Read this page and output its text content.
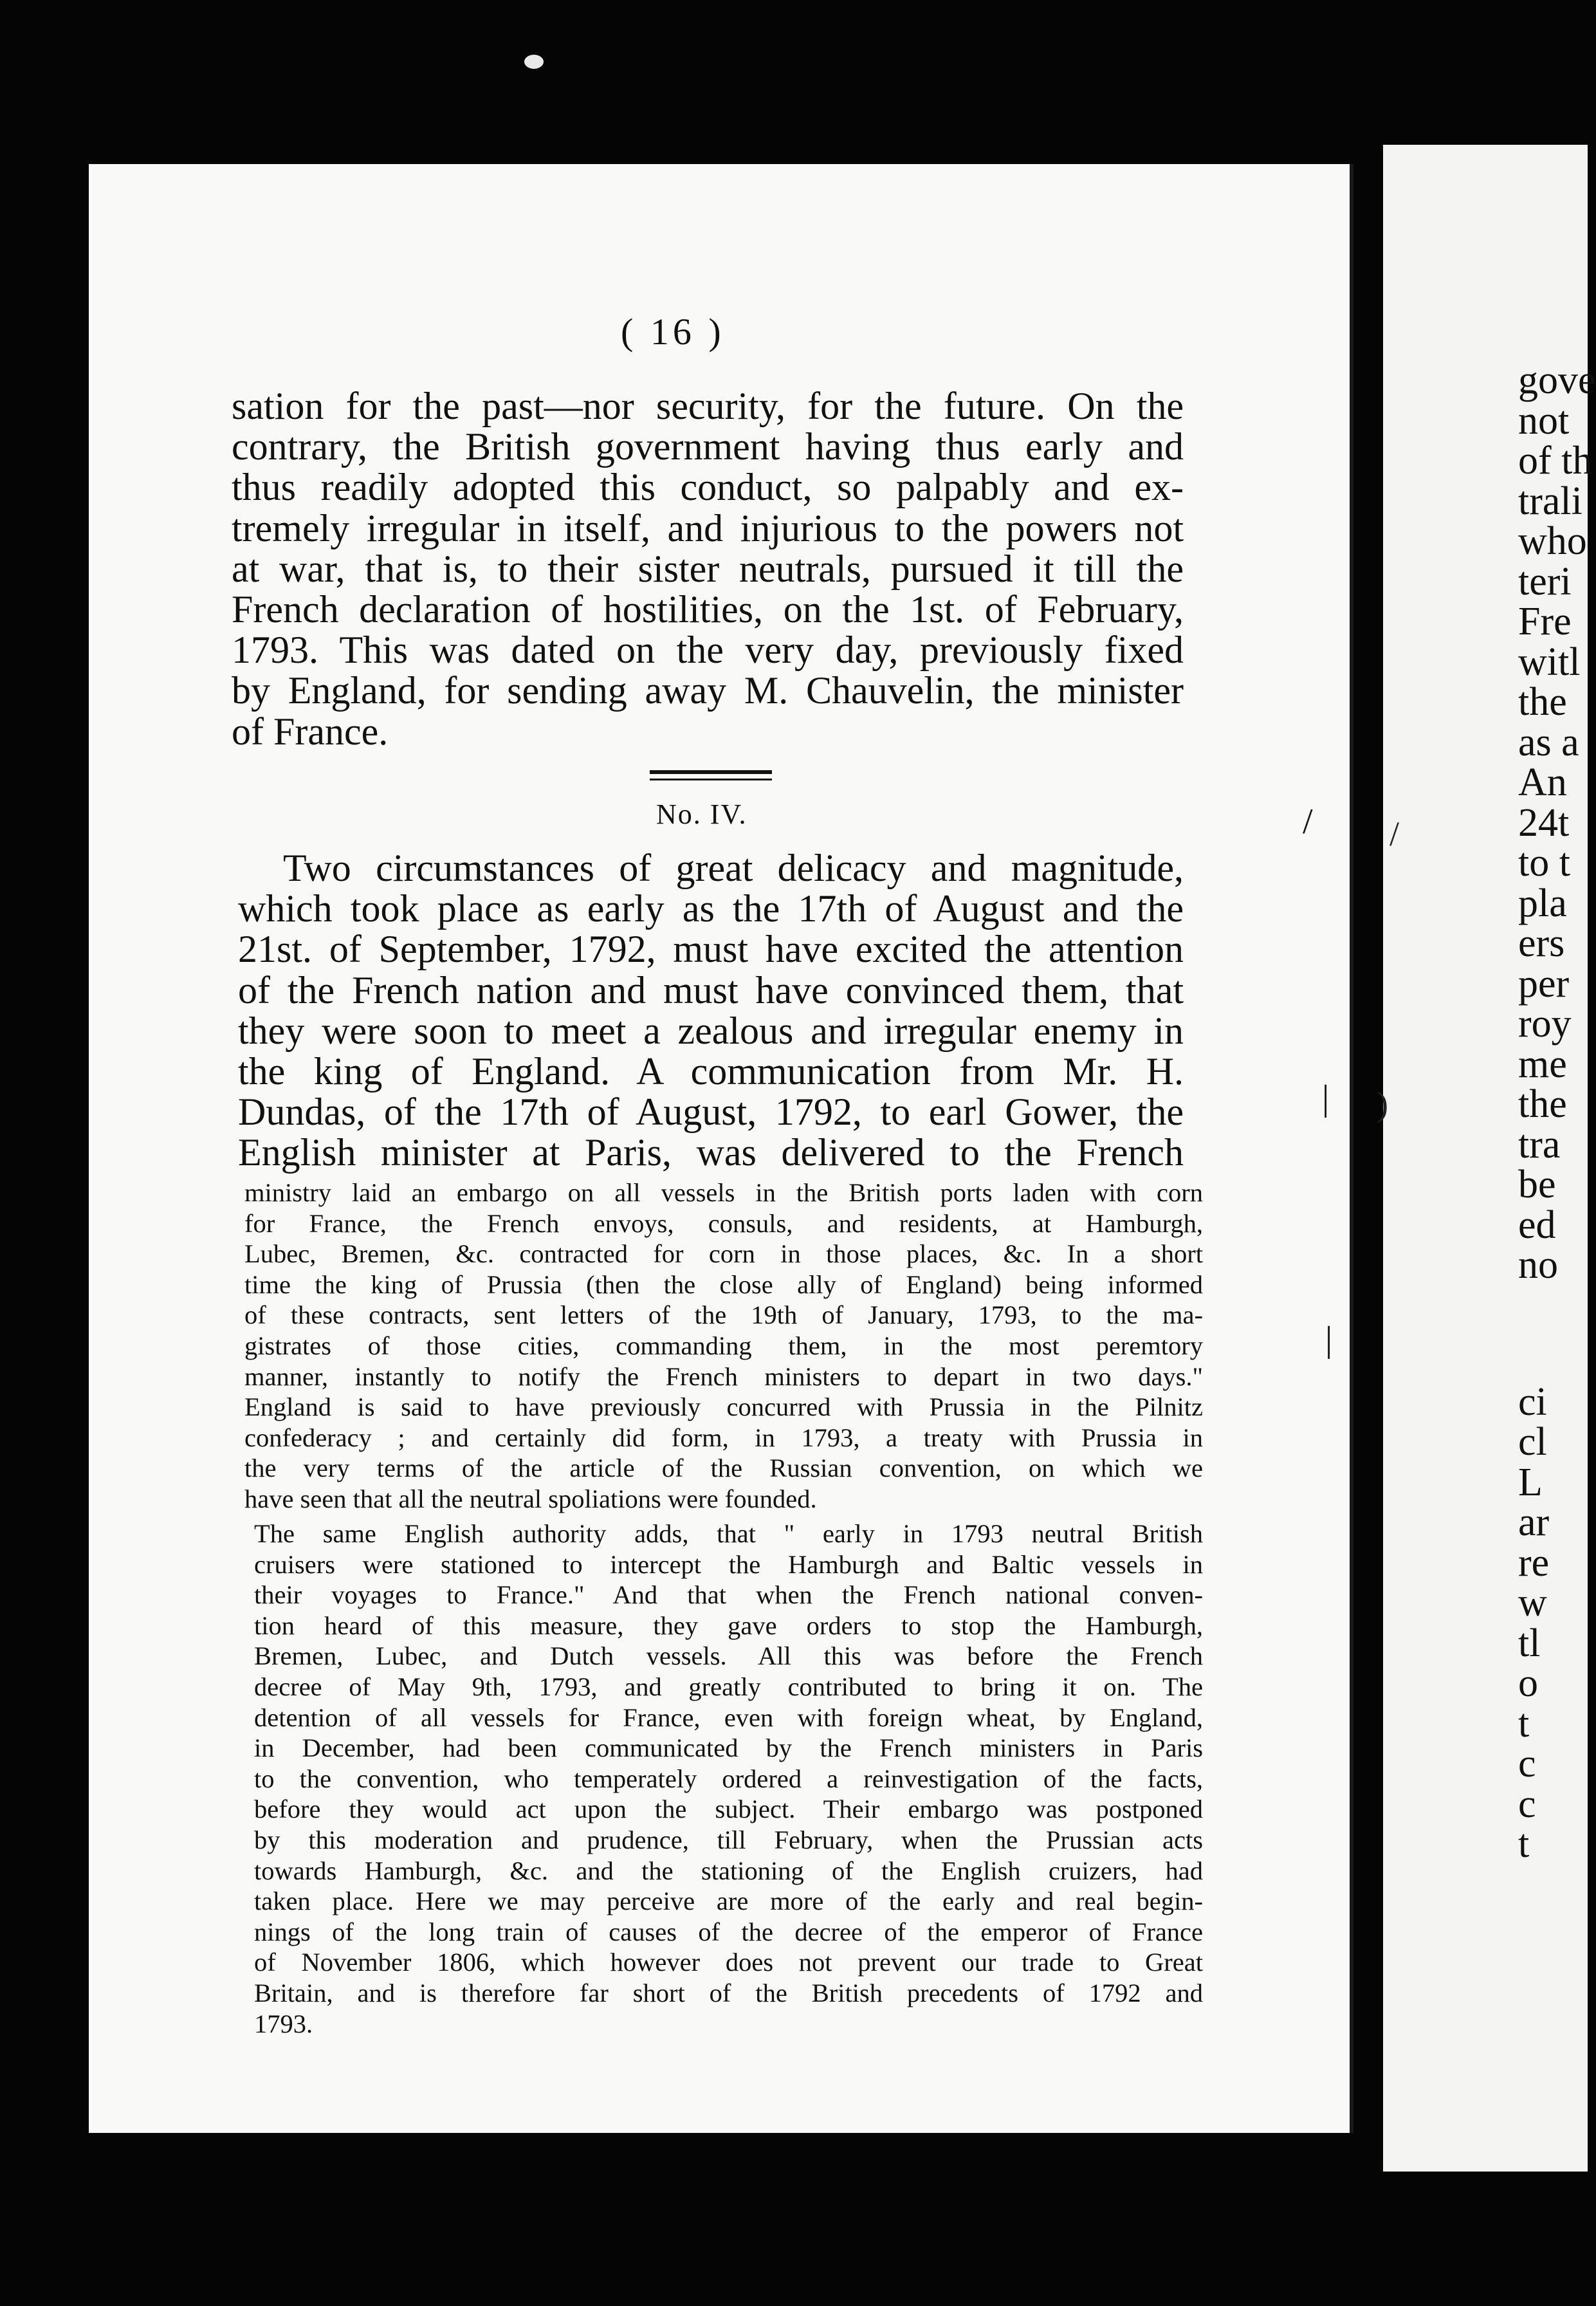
/
)
gove
not
of th
trali
who
teri
Fre
witl
the
as a
An
24t
to t
pla
ers
per
roy
me
the
tra
be
ed
no
ci
cl
L
ar
re
w
tl
o
t
c
c
t
/
|
|
( 16 )
sation for the past—nor security, for the future. On the
contrary, the British government having thus early and
thus readily adopted this conduct, so palpably and ex-
tremely irregular in itself, and injurious to the powers not
at war, that is, to their sister neutrals, pursued it till the
French declaration of hostilities, on the 1st. of February,
1793. This was dated on the very day, previously fixed
by England, for sending away M. Chauvelin, the minister
of France.
No. IV.
Two circumstances of great delicacy and magnitude,
which took place as early as the 17th of August and the
21st. of September, 1792, must have excited the attention
of the French nation and must have convinced them, that
they were soon to meet a zealous and irregular enemy in
the king of England. A communication from Mr. H.
Dundas, of the 17th of August, 1792, to earl Gower, the
English minister at Paris, was delivered to the French
ministry laid an embargo on all vessels in the British ports laden with corn
for France, the French envoys, consuls, and residents, at Hamburgh,
Lubec, Bremen, &c. contracted for corn in those places, &c. In a short
time the king of Prussia (then the close ally of England) being informed
of these contracts, sent letters of the 19th of January, 1793, to the ma-
gistrates of those cities, commanding them, in the most peremtory
manner, instantly to notify the French ministers to depart in two days."
England is said to have previously concurred with Prussia in the Pilnitz
confederacy ; and certainly did form, in 1793, a treaty with Prussia in
the very terms of the article of the Russian convention, on which we
have seen that all the neutral spoliations were founded.
The same English authority adds, that " early in 1793 neutral British
cruisers were stationed to intercept the Hamburgh and Baltic vessels in
their voyages to France." And that when the French national conven-
tion heard of this measure, they gave orders to stop the Hamburgh,
Bremen, Lubec, and Dutch vessels. All this was before the French
decree of May 9th, 1793, and greatly contributed to bring it on. The
detention of all vessels for France, even with foreign wheat, by England,
in December, had been communicated by the French ministers in Paris
to the convention, who temperately ordered a reinvestigation of the facts,
before they would act upon the subject. Their embargo was postponed
by this moderation and prudence, till February, when the Prussian acts
towards Hamburgh, &c. and the stationing of the English cruizers, had
taken place. Here we may perceive are more of the early and real begin-
nings of the long train of causes of the decree of the emperor of France
of November 1806, which however does not prevent our trade to Great
Britain, and is therefore far short of the British precedents of 1792 and
1793.
